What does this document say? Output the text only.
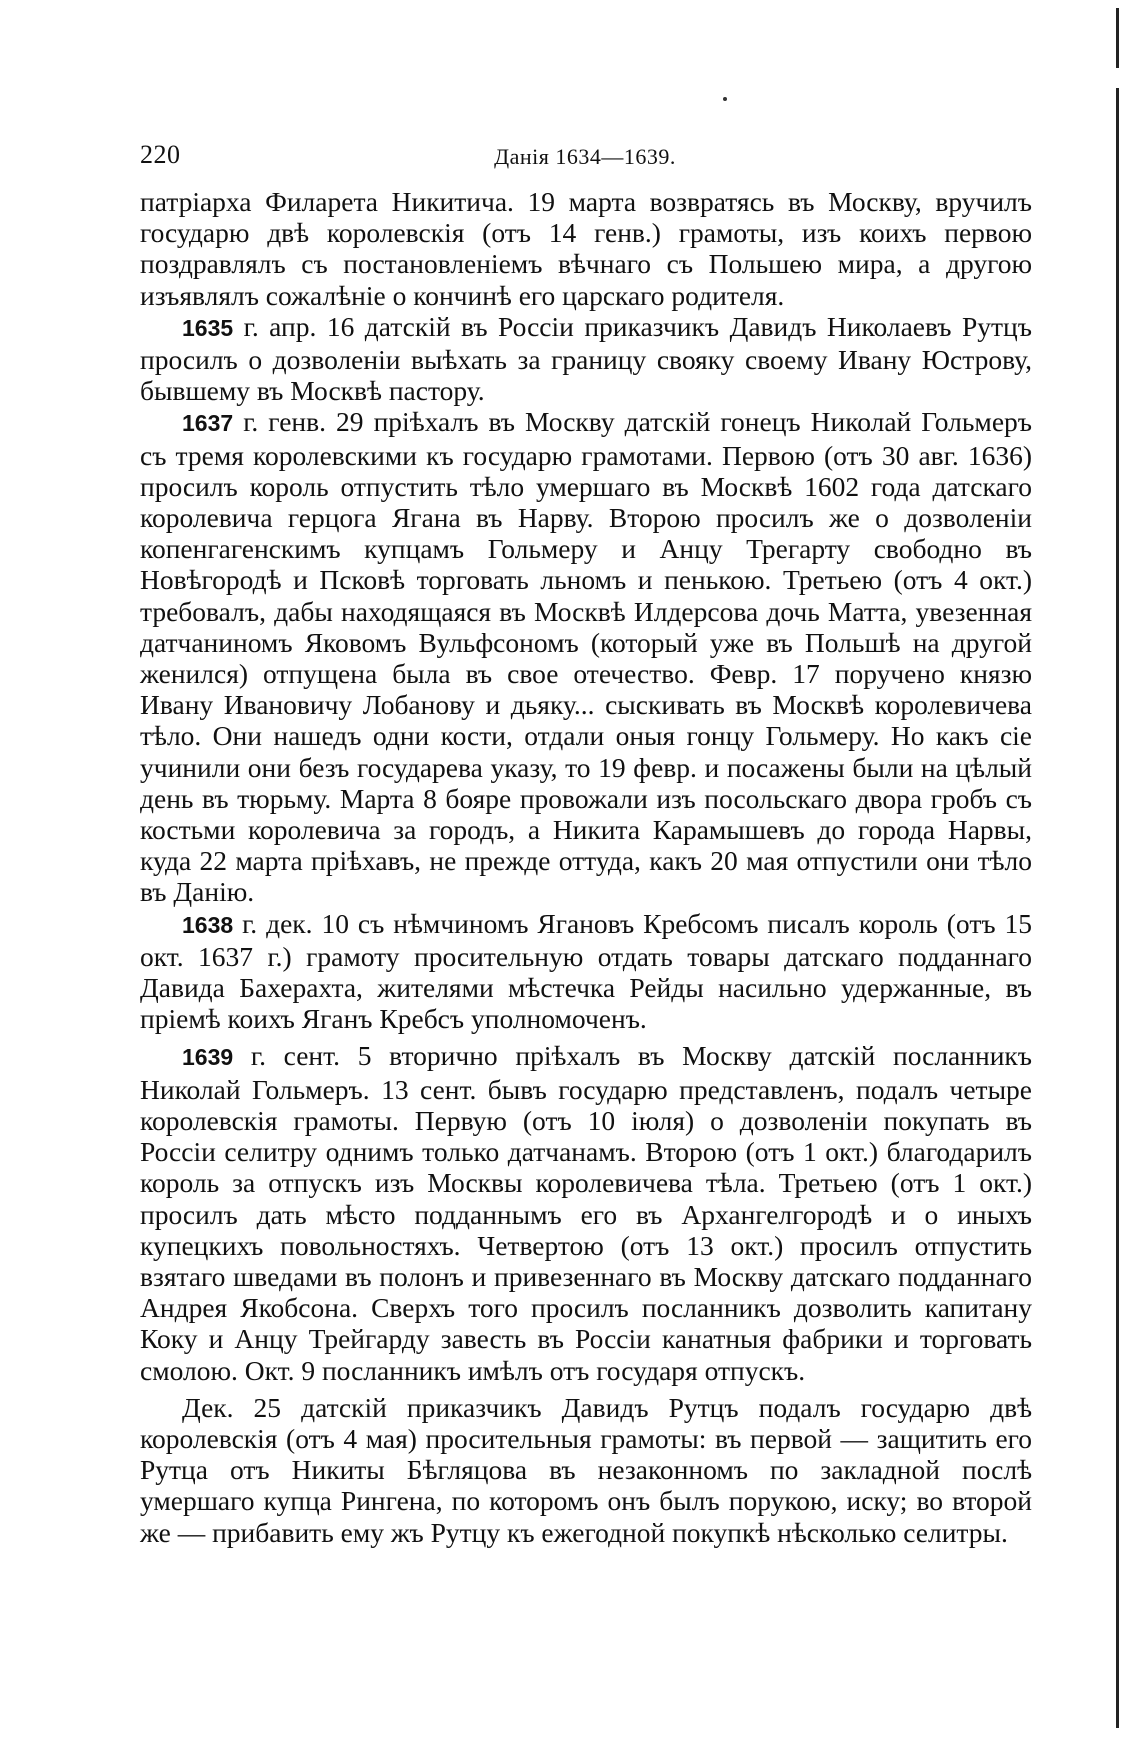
220	Данія 1634—1639.

патріарха Филарета Никитича. 19 марта возвратясь въ Москву, вручилъ государю двѣ королевскія (отъ 14 генв.) грамоты, изъ коихъ первою поздравлялъ съ постановленіемъ вѣчнаго съ Польшею мира, а другою изъявлялъ сожалѣніе о кончинѣ его царскаго родителя.

1635 г. апр. 16 датскій въ Россіи приказчикъ Давидъ Николаевъ Рутцъ просилъ о дозволеніи выѣхать за границу свояку своему Ивану Юстрову, бывшему въ Москвѣ пастору.

1637 г. генв. 29 пріѣхалъ въ Москву датскій гонецъ Николай Гольмеръ съ тремя королевскими къ государю грамотами. Первою (отъ 30 авг. 1636) просилъ король отпустить тѣло умершаго въ Москвѣ 1602 года датскаго королевича герцога Ягана въ Нарву. Второю просилъ же о дозволеніи копенгагенскимъ купцамъ Гольмеру и Анцу Трегарту свободно въ Новѣгородѣ и Псковѣ торговать льномъ и пенькою. Третьею (отъ 4 окт.) требовалъ, дабы находящаяся въ Москвѣ Илдерсова дочь Матта, увезенная датчаниномъ Яковомъ Вульфсономъ (который уже въ Польшѣ на другой женился) отпущена была въ свое отечество. Февр. 17 поручено князю Ивану Ивановичу Лобанову и дьяку... сыскивать въ Москвѣ королевичева тѣло. Они нашедъ одни кости, отдали оныя гонцу Гольмеру. Но какъ сіе учинили они безъ государева указу, то 19 февр. и посажены были на цѣлый день въ тюрьму. Марта 8 бояре провожали изъ посольскаго двора гробъ съ костьми королевича за городъ, а Никита Карамышевъ до города Нарвы, куда 22 марта пріѣхавъ, не прежде оттуда, какъ 20 мая отпустили они тѣло въ Данію.

1638 г. дек. 10 съ нѣмчиномъ Ягановъ Кребсомъ писалъ король (отъ 15 окт. 1637 г.) грамоту просительную отдать товары датскаго подданнаго Давида Бахерахта, жителями мѣстечка Рейды насильно удержанные, въ пріемѣ коихъ Яганъ Кребсъ уполномоченъ.

1639 г. сент. 5 вторично пріѣхалъ въ Москву датскій посланникъ Николай Гольмеръ. 13 сент. бывъ государю представленъ, подалъ четыре королевскія грамоты. Первую (отъ 10 іюля) о дозволеніи покупать въ Россіи селитру однимъ только датчанамъ. Второю (отъ 1 окт.) благодарилъ король за отпускъ изъ Москвы королевичева тѣла. Третьею (отъ 1 окт.) просилъ дать мѣсто подданнымъ его въ Архангелгородѣ и о иныхъ купецкихъ повольностяхъ. Четвертою (отъ 13 окт.) просилъ отпустить взятаго шведами въ полонъ и привезеннаго въ Москву датскаго подданнаго Андрея Якобсона. Сверхъ того просилъ посланникъ дозволить капитану Коку и Анцу Трейгарду завесть въ Россіи канатныя фабрики и торговать смолою. Окт. 9 посланникъ имѣлъ отъ государя отпускъ.

Дек. 25 датскій приказчикъ Давидъ Рутцъ подалъ государю двѣ королевскія (отъ 4 мая) просительныя грамоты: въ первой — защитить его Рутца отъ Никиты Бѣгляцова въ незаконномъ по закладной послѣ умершаго купца Рингена, по которомъ онъ былъ порукою, иску; во второй же — прибавить ему жъ Рутцу къ ежегодной покупкѣ нѣсколько селитры.
